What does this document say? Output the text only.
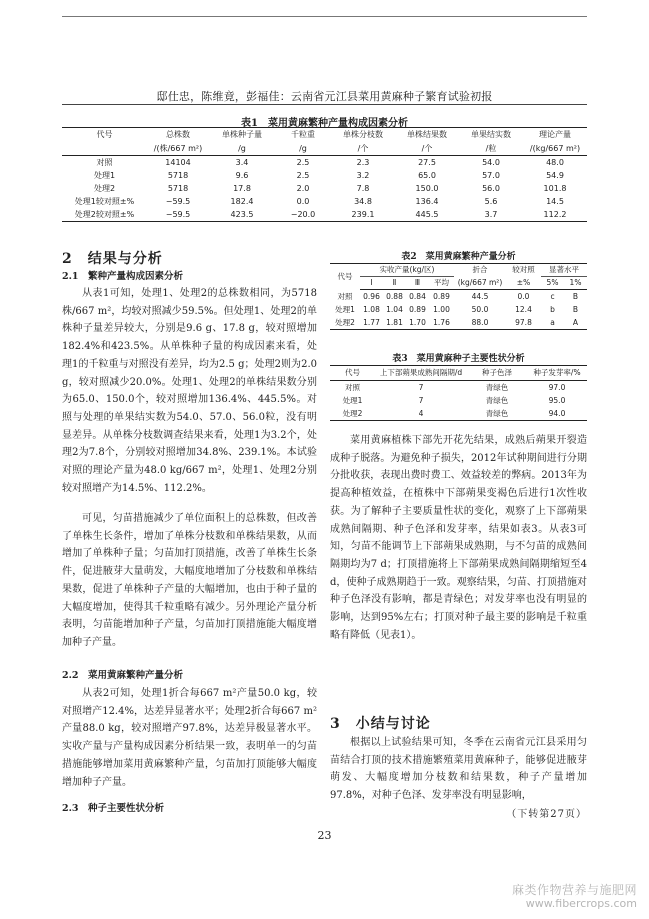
邸仕忠，陈维竟，彭福佳：云南省元江县菜用黄麻种子繁育试验初报
表1　菜用黄麻繁种产量构成因素分析
代号	总株数	单株种子量	千粒重	单株分枝数	单株结果数	单果结实数	理论产量
	/(株/667 m²)	/g	/g	/个	/个	/粒	/(kg/667 m²)
对照	14104	3.4	2.5	2.3	27.5	54.0	48.0
处理1	5718	9.6	2.5	3.2	65.0	57.0	54.9
处理2	5718	17.8	2.0	7.8	150.0	56.0	101.8
处理1较对照±%	−59.5	182.4	0.0	34.8	136.4	5.6	14.5
处理2较对照±%	−59.5	423.5	−20.0	239.1	445.5	3.7	112.2
2　结果与分析
2.1　繁种产量构成因素分析
从表1可知，处理1、处理2的总株数相同，为5718株/667 m²，均较对照减少59.5%。但处理1、处理2的单株种子量差异较大，分别是9.6 g、17.8 g，较对照增加182.4%和423.5%。从单株种子量的构成因素来看，处理1的千粒重与对照没有差异，均为2.5 g；处理2则为2.0 g，较对照减少20.0%。处理1、处理2的单株结果数分别为65.0、150.0个，较对照增加136.4%、445.5%。对照与处理的单果结实数为54.0、57.0、56.0粒，没有明显差异。从单株分枝数调查结果来看，处理1为3.2个，处理2为7.8个，分别较对照增加34.8%、239.1%。本试验对照的理论产量为48.0 kg/667 m²，处理1、处理2分别较对照增产为14.5%、112.2%。
可见，匀苗措施减少了单位面积上的总株数，但改善了单株生长条件，增加了单株分枝数和单株结果数，从而增加了单株种子量；匀苗加打顶措施，改善了单株生长条件，促进腋芽大量萌发，大幅度地增加了分枝数和单株结果数，促进了单株种子产量的大幅增加，也由于种子量的大幅度增加，使得其千粒重略有减少。另外理论产量分析表明，匀苗能增加种子产量，匀苗加打顶措施能大幅度增加种子产量。
2.2　菜用黄麻繁种产量分析
从表2可知，处理1折合每667 m²产量50.0 kg，较对照增产12.4%，达差异显著水平；处理2折合每667 m²产量88.0 kg，较对照增产97.8%，达差异极显著水平。实收产量与产量构成因素分析结果一致，表明单一的匀苗措施能够增加菜用黄麻繁种产量，匀苗加打顶能够大幅度增加种子产量。
2.3　种子主要性状分析
表2　菜用黄麻繁种产量分析
代号	实收产量(kg/区)				折合	较对照	显著水平	
	Ⅰ	Ⅱ	Ⅲ	平均	(kg/667 m²)	±%	5%	1%
对照	0.96	0.88	0.84	0.89	44.5	0.0	c	B
处理1	1.08	1.04	0.89	1.00	50.0	12.4	b	B
处理2	1.77	1.81	1.70	1.76	88.0	97.8	a	A
表3　菜用黄麻种子主要性状分析
代号	上下部蒴果成熟间隔期/d	种子色泽	种子发芽率/%
对照	7	青绿色	97.0
处理1	7	青绿色	95.0
处理2	4	青绿色	94.0
菜用黄麻植株下部先开花先结果，成熟后蒴果开裂造成种子脱落。为避免种子损失，2012年试种期间进行分期分批收获，表现出费时费工、效益较差的弊病。2013年为提高种植效益，在植株中下部蒴果变褐色后进行1次性收获。为了解种子主要质量性状的变化，观察了上下部蒴果成熟间隔期、种子色泽和发芽率，结果如表3。从表3可知，匀苗不能调节上下部蒴果成熟期，与不匀苗的成熟间隔期均为7 d；打顶措施将上下部蒴果成熟间隔期缩短至4 d，使种子成熟期趋于一致。观察结果，匀苗、打顶措施对种子色泽没有影响，都是青绿色；对发芽率也没有明显的影响，达到95%左右；打顶对种子最主要的影响是千粒重略有降低（见表1）。
3　小结与讨论
根据以上试验结果可知，冬季在云南省元江县采用匀苗结合打顶的技术措施繁殖菜用黄麻种子，能够促进腋芽萌发、大幅度增加分枝数和结果数，种子产量增加97.8%，对种子色泽、发芽率没有明显影响，
（下转第27页）
23
麻类作物营养与施肥网
www.fibercrops.com
